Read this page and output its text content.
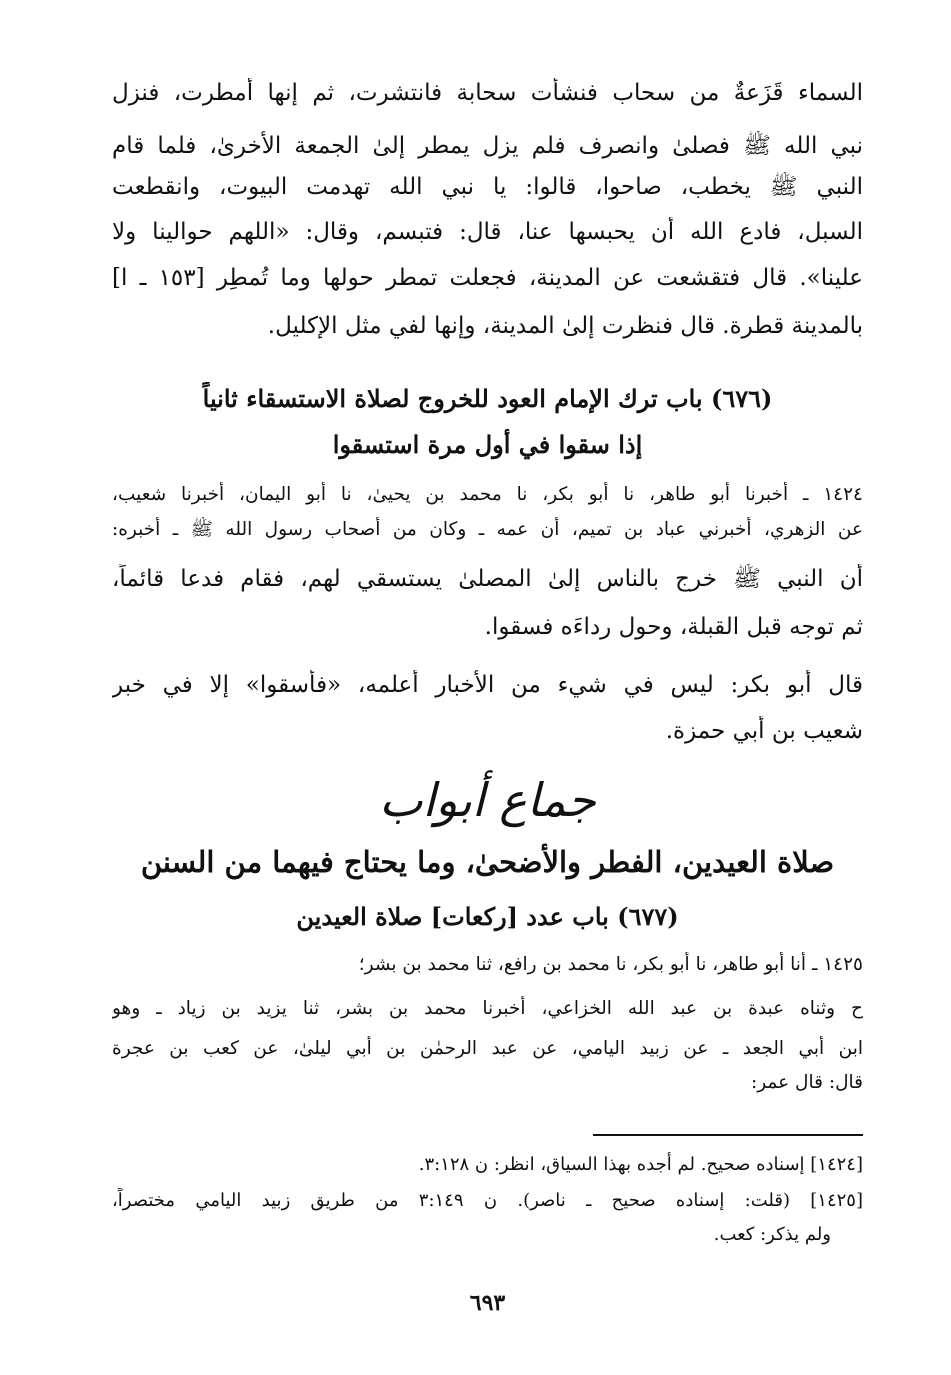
السماء قَزَعةٌ من سحاب فنشأت سحابة فانتشرت، ثم إنها أمطرت، فنزل
نبي الله ﷺ فصلىٰ وانصرف فلم يزل يمطر إلىٰ الجمعة الأخرىٰ، فلما قام
النبي ﷺ يخطب، صاحوا، قالوا: يا نبي الله تهدمت البيوت، وانقطعت
السبل، فادع الله أن يحبسها عنا، قال: فتبسم، وقال: «اللهم حوالينا ولا
علينا». قال فتقشعت عن المدينة، فجعلت تمطر حولها وما تُمطِر [١٥٣ ـ ا]
بالمدينة قطرة. قال فنظرت إلىٰ المدينة، وإنها لفي مثل الإكليل.
(٦٧٦) باب ترك الإمام العود للخروج لصلاة الاستسقاء ثانياً
إذا سقوا في أول مرة استسقوا
١٤٢٤ ـ أخبرنا أبو طاهر، نا أبو بكر، نا محمد بن يحيىٰ، نا أبو اليمان، أخبرنا شعيب،
عن الزهري، أخبرني عباد بن تميم، أن عمه ـ وكان من أصحاب رسول الله ﷺ ـ أخبره:
أن النبي ﷺ خرج بالناس إلىٰ المصلىٰ يستسقي لهم، فقام فدعا قائماً،
ثم توجه قبل القبلة، وحول رداءَه فسقوا.
قال أبو بكر: ليس في شيء من الأخبار أعلمه، «فأسقوا» إلا في خبر
شعيب بن أبي حمزة.
جماع أبواب
صلاة العيدين، الفطر والأضحىٰ، وما يحتاج فيهما من السنن
(٦٧٧) باب عدد [ركعات] صلاة العيدين
١٤٢٥ ـ أنا أبو طاهر، نا أبو بكر، نا محمد بن رافع، ثنا محمد بن بشر؛
ح وثناه عبدة بن عبد الله الخزاعي، أخبرنا محمد بن بشر، ثنا يزيد بن زياد ـ وهو
ابن أبي الجعد ـ عن زبيد اليامي، عن عبد الرحمٰن بن أبي ليلىٰ، عن كعب بن عجرة
قال: قال عمر:
[١٤٢٤] إسناده صحيح. لم أجده بهذا السياق، انظر: ن ٣:١٢٨.
[١٤٢٥] (قلت: إسناده صحيح ـ ناصر). ن ٣:١٤٩ من طريق زبيد اليامي مختصراً،
ولم يذكر: كعب.
٦٩٣
